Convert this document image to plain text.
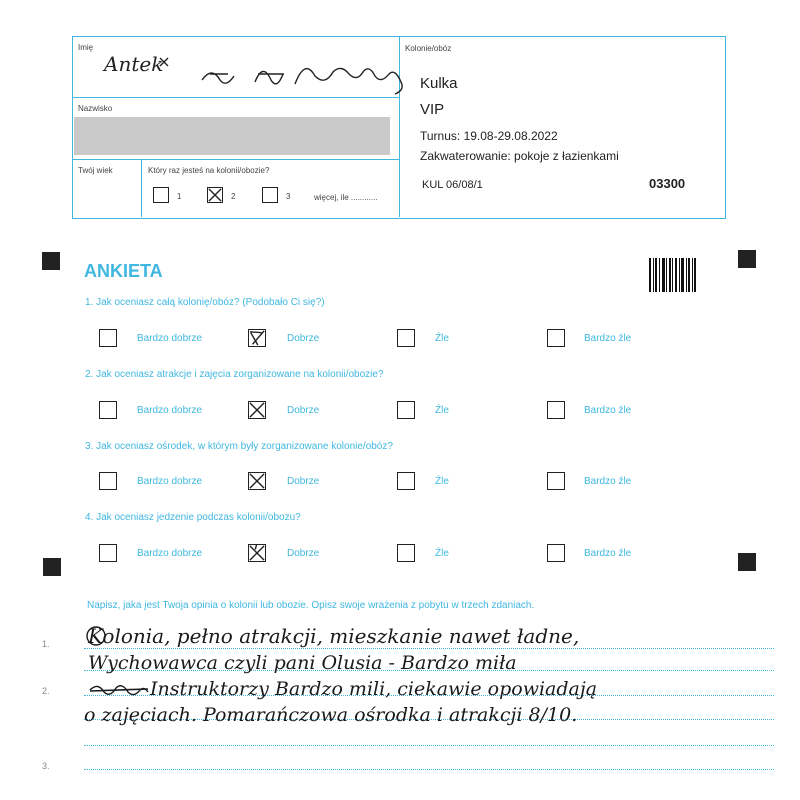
Imię
Antek
Nazwisko
Twój wiek	Który raz jesteś na kolonii/obozie?
1	2	3	więcej, ile ............
Kolonie/obóz
Kulka
VIP
Turnus: 19.08-29.08.2022
Zakwaterowanie: pokoje z łazienkami
KUL 06/08/1	03300
ANKIETA
1. Jak oceniasz całą kolonię/obóz? (Podobało Ci się?)
Bardzo dobrze	Dobrze	Źle	Bardzo źle
2. Jak oceniasz atrakcje i zajęcia zorganizowane na kolonii/obozie?
Bardzo dobrze	Dobrze	Źle	Bardzo źle
3. Jak oceniasz ośrodek, w którym były zorganizowane kolonie/obóz?
Bardzo dobrze	Dobrze	Źle	Bardzo źle
4. Jak oceniasz jedzenie podczas kolonii/obozu?
Bardzo dobrze	Dobrze	Źle	Bardzo źle
Napisz, jaka jest Twoja opinia o kolonii lub obozie. Opisz swoje wrażenia z pobytu w trzech zdaniach.
1.
2.
3.
Kolonia, pełno atrakcji, mieszkanie nawet ładne,
Wychowawca czyli pani Olusia - Bardzo miła
Instruktorzy Bardzo mili, ciekawie opowiadają
o zajęciach. Pomarańczowa ośrodka i atrakcji 8/10.
